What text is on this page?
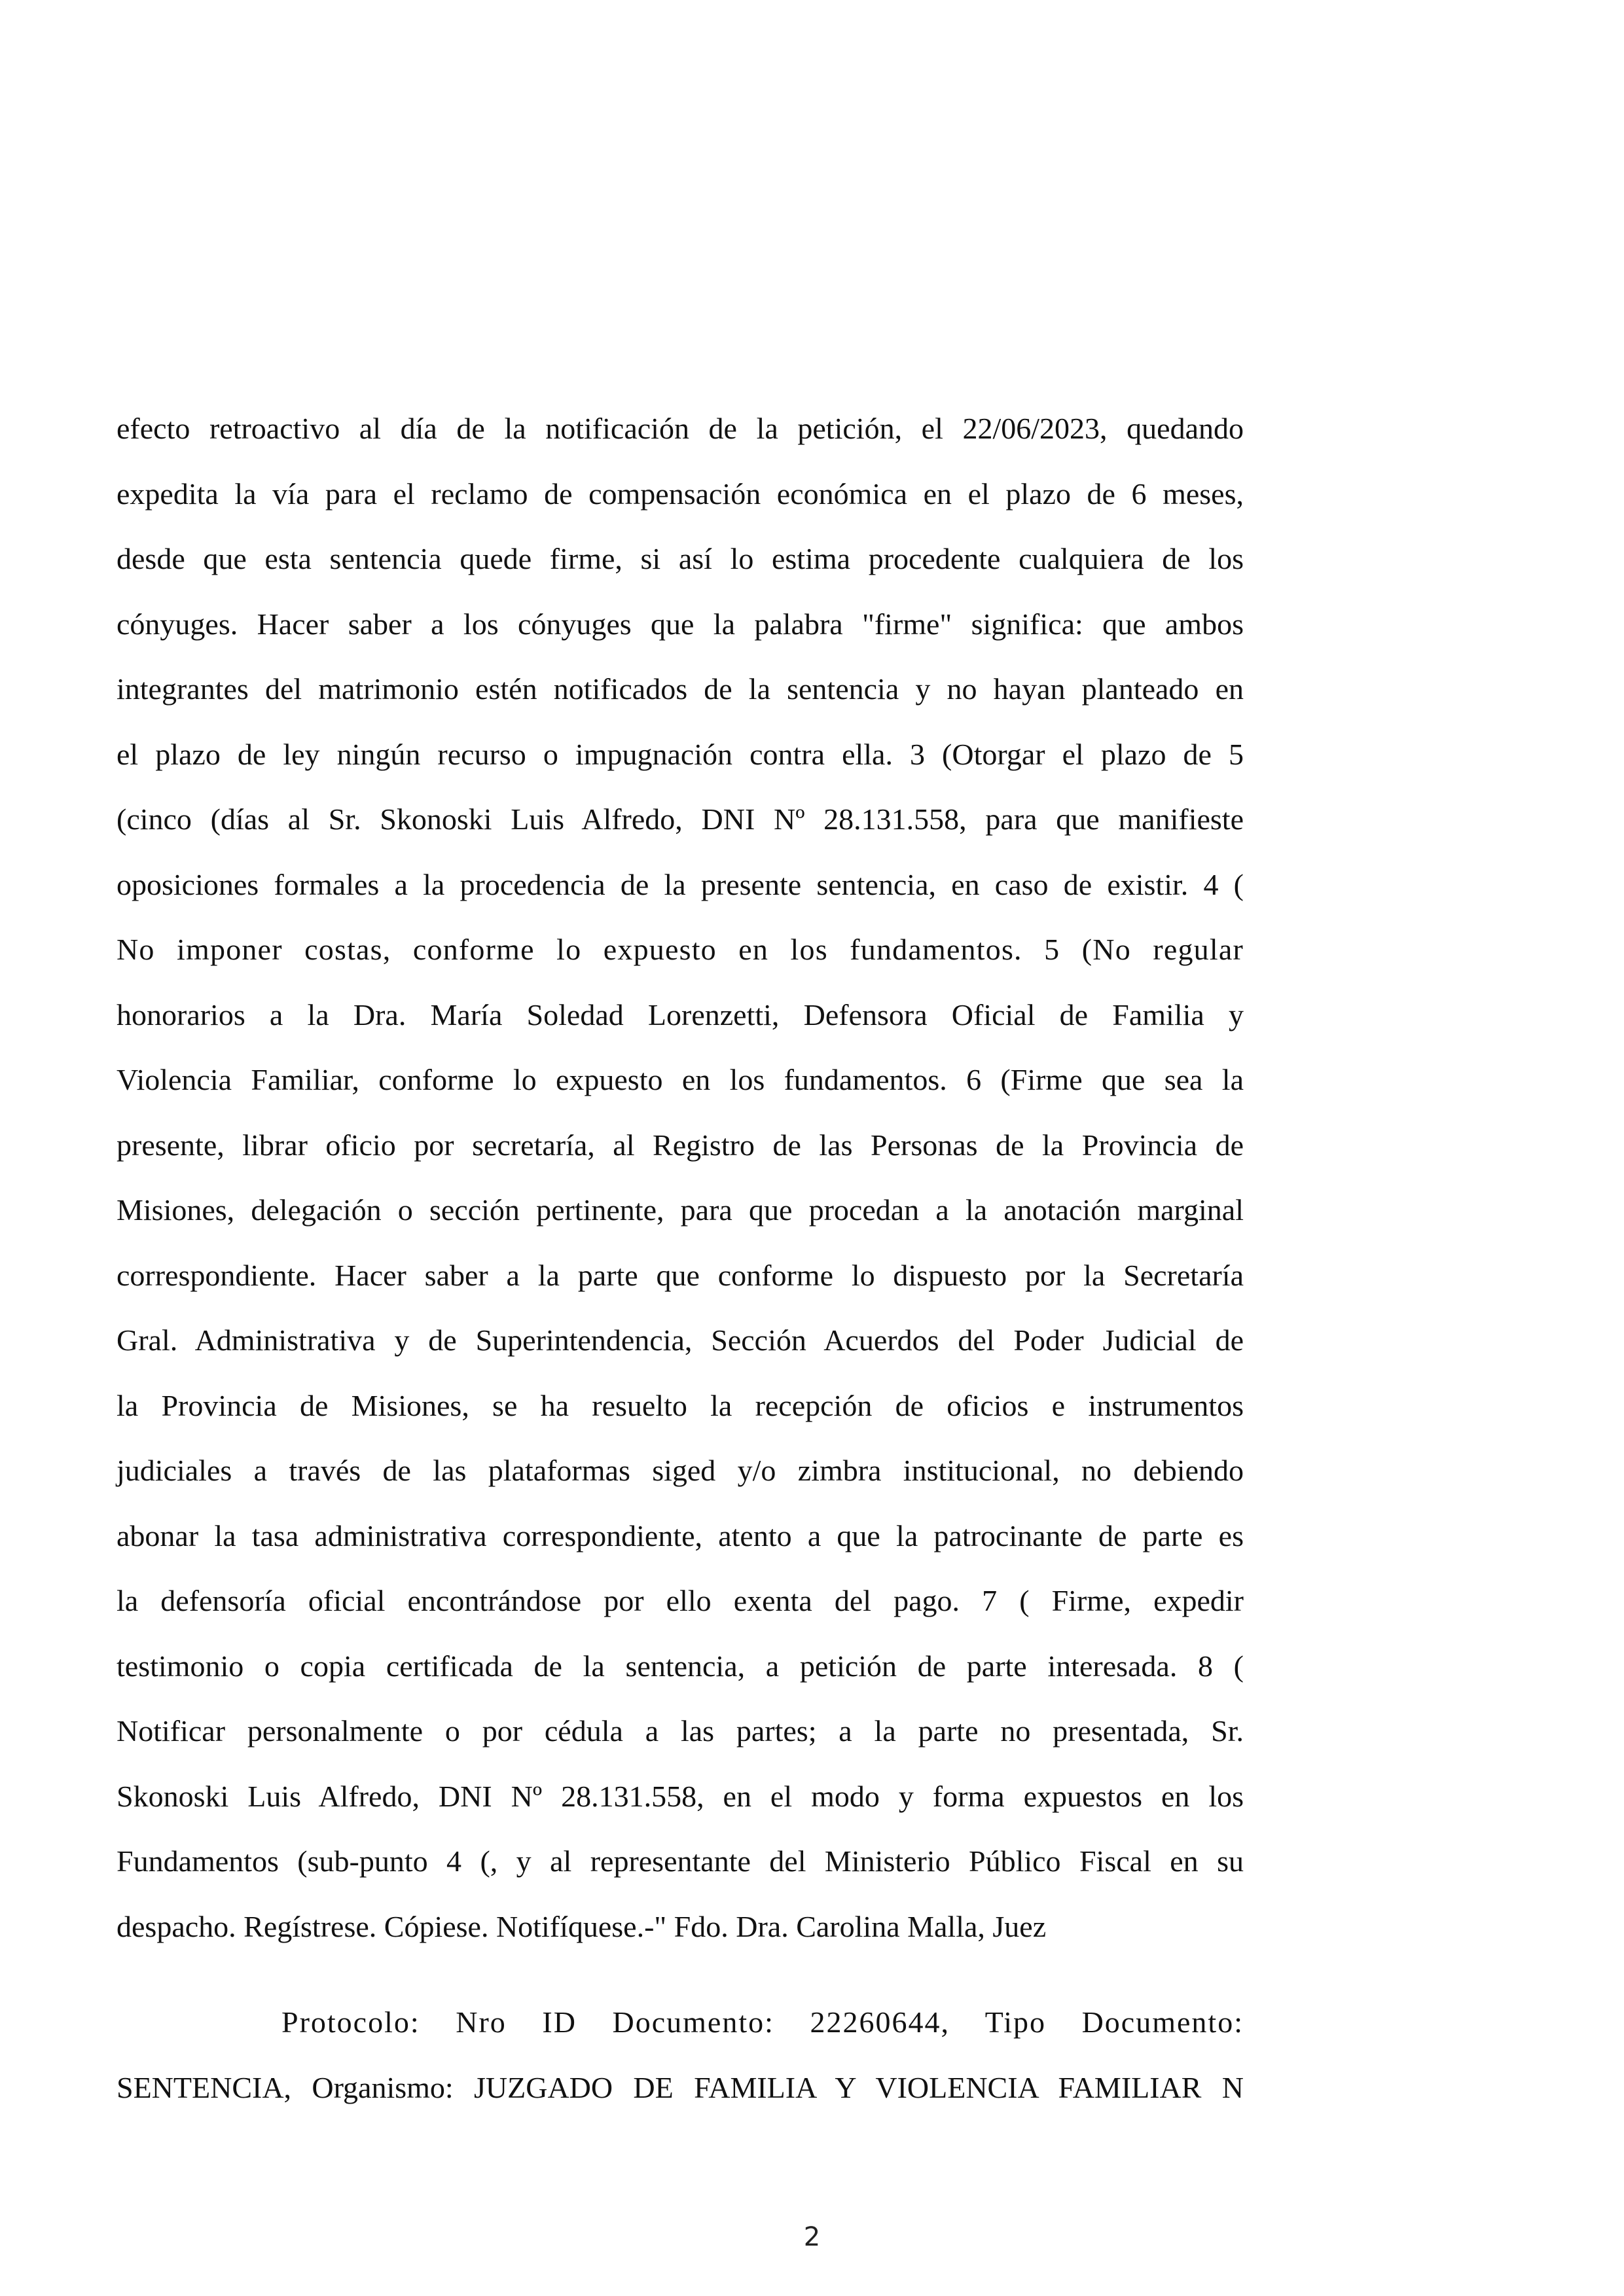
efecto retroactivo al día de la notificación de la petición, el 22/06/2023, quedando
expedita la vía para el reclamo de compensación económica en el plazo de 6 meses,
desde que esta sentencia quede firme, si así lo estima procedente cualquiera de los
cónyuges. Hacer saber a los cónyuges que la palabra "firme" significa: que ambos
integrantes del matrimonio estén notificados de la sentencia y no hayan planteado en
el plazo de ley ningún recurso o impugnación contra ella. 3 (Otorgar el plazo de 5
(cinco (días al Sr. Skonoski Luis Alfredo, DNI Nº 28.131.558, para que manifieste
oposiciones formales a la procedencia de la presente sentencia, en caso de existir. 4 (
No imponer costas, conforme lo expuesto en los fundamentos. 5 (No regular
honorarios a la Dra. María Soledad Lorenzetti, Defensora Oficial de Familia y
Violencia Familiar, conforme lo expuesto en los fundamentos. 6 (Firme que sea la
presente, librar oficio por secretaría, al Registro de las Personas de la Provincia de
Misiones, delegación o sección pertinente, para que procedan a la anotación marginal
correspondiente. Hacer saber a la parte que conforme lo dispuesto por la Secretaría
Gral. Administrativa y de Superintendencia, Sección Acuerdos del Poder Judicial de
la Provincia de Misiones, se ha resuelto la recepción de oficios e instrumentos
judiciales a través de las plataformas siged y/o zimbra institucional, no debiendo
abonar la tasa administrativa correspondiente, atento a que la patrocinante de parte es
la defensoría oficial encontrándose por ello exenta del pago. 7 ( Firme, expedir
testimonio o copia certificada de la sentencia, a petición de parte interesada. 8 (
Notificar personalmente o por cédula a las partes; a la parte no presentada, Sr.
Skonoski Luis Alfredo, DNI Nº 28.131.558, en el modo y forma expuestos en los
Fundamentos (sub-punto 4 (, y al representante del Ministerio Público Fiscal en su
despacho. Regístrese. Cópiese. Notifíquese.-" Fdo. Dra. Carolina Malla, Juez
Protocolo: Nro ID Documento: 22260644, Tipo Documento:
SENTENCIA, Organismo: JUZGADO DE FAMILIA Y VIOLENCIA FAMILIAR N
2
